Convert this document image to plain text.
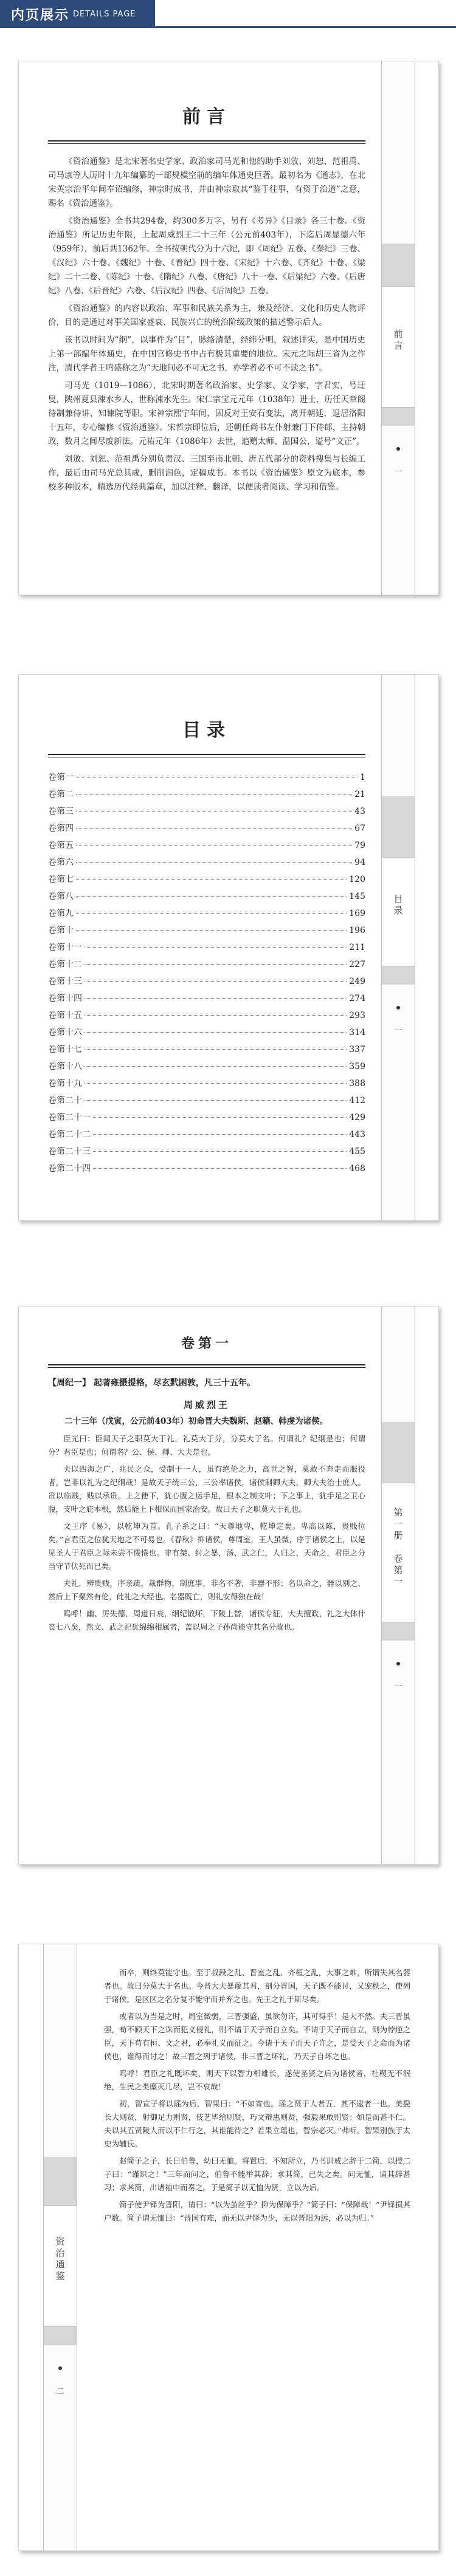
内页展示 DETAILS PAGE
前言
一
前言

《资治通鉴》是北宋著名史学家、政治家司马光和他的助手刘攽、刘恕、范祖禹、司马康等人历时十九年编纂的一部规模空前的编年体通史巨著。最初名为《通志》，在北宋英宗治平年间奉诏编修，神宗时成书，并由神宗取其“鉴于往事，有资于治道”之意，赐名《资治通鉴》。

《资治通鉴》全书共294卷，约300多万字，另有《考异》《目录》各三十卷。《资治通鉴》所记历史年限，上起周威烈王二十三年（公元前403年），下迄后周显德六年（959年），前后共1362年。全书按朝代分为十六纪，即《周纪》五卷、《秦纪》三卷、《汉纪》六十卷、《魏纪》十卷、《晋纪》四十卷、《宋纪》十六卷、《齐纪》十卷、《梁纪》二十二卷、《陈纪》十卷、《隋纪》八卷、《唐纪》八十一卷、《后梁纪》六卷、《后唐纪》八卷、《后晋纪》六卷、《后汉纪》四卷、《后周纪》五卷。

《资治通鉴》的内容以政治、军事和民族关系为主，兼及经济、文化和历史人物评价，目的是通过对事关国家盛衰、民族兴亡的统治阶级政策的描述警示后人。

该书以时间为“纲”，以事件为“目”，脉络清楚，经纬分明，叙述详实，是中国历史上第一部编年体通史，在中国官修史书中占有极其重要的地位。宋元之际胡三省为之作注，清代学者王鸣盛称之为“天地间必不可无之书，亦学者必不可不读之书”。

司马光（1019—1086），北宋时期著名政治家、史学家、文学家，字君实，号迂叟，陕州夏县涑水乡人，世称涑水先生。宋仁宗宝元元年（1038年）进士，历任天章阁待制兼侍讲、知谏院等职。宋神宗熙宁年间，因反对王安石变法，离开朝廷，退居洛阳十五年，专心编修《资治通鉴》。宋哲宗即位后，还朝任尚书左仆射兼门下侍郎，主持朝政，数月之间尽废新法。元祐元年（1086年）去世，追赠太师、温国公，谥号“文正”。

刘攽、刘恕、范祖禹分别负责汉、三国至南北朝、唐五代部分的资料搜集与长编工作，最后由司马光总其成，删削润色，定稿成书。本书以《资治通鉴》原文为底本，参校多种版本，精选历代经典篇章，加以注释、翻译，以便读者阅读、学习和借鉴。

目录
一
目录
卷第一	1
卷第二	21
卷第三	43
卷第四	67
卷第五	79
卷第六	94
卷第七	120
卷第八	145
卷第九	169
卷第十	196
卷第十一	211
卷第十二	227
卷第十三	249
卷第十四	274
卷第十五	293
卷第十六	314
卷第十七	337
卷第十八	359
卷第十九	388
卷第二十	412
卷第二十一	429
卷第二十二	443
卷第二十三	455
卷第二十四	468
第一册　卷第一
一
卷第一
【周纪一】 起著雍摄提格，尽玄黓困敦，凡三十五年。
周威烈王

二十三年（戊寅，公元前403年）初命晋大夫魏斯、赵籍、韩虔为诸侯。

臣光曰：臣闻天子之职莫大于礼，礼莫大于分，分莫大于名。何谓礼？纪纲是也；何谓分？君臣是也；何谓名？公、侯、卿、大夫是也。

夫以四海之广，兆民之众，受制于一人，虽有绝伦之力，高世之智，莫敢不奔走而服役者，岂非以礼为之纪纲哉！是故天子统三公，三公率诸侯，诸侯制卿大夫，卿大夫治士庶人。贵以临贱，贱以承贵。上之使下，犹心腹之运手足，根本之制支叶；下之事上，犹手足之卫心腹，支叶之庇本根，然后能上下相保而国家治安。故曰天子之职莫大于礼也。

文王序《易》，以乾坤为首。孔子系之曰：“天尊地卑，乾坤定矣。卑高以陈，贵贱位矣。”言君臣之位犹天地之不可易也。《春秋》抑诸侯，尊周室，王人虽微，序于诸侯之上，以是见圣人于君臣之际未尝不惓惓也。非有桀、纣之暴，汤、武之仁，人归之，天命之，君臣之分当守节伏死而已矣。

夫礼，辨贵贱，序亲疏，裁群物，制庶事，非名不著，非器不形；名以命之，器以别之，然后上下粲然有伦，此礼之大经也。名器既亡，则礼安得独在哉！

呜呼！幽、厉失德，周道日衰，纲纪散坏，下陵上替，诸侯专征，大夫擅政，礼之大体什丧七八矣，然文、武之祀犹绵绵相属者，盖以周之子孙尚能守其名分故也。

资治通鉴
二

而卒，则终莫能守也。至于叔段之乱、晋室之乱、齐桓之乱，大事之难，所谓失其名器者也。故曰分莫大于名也。今晋大夫暴蔑其君，剖分晋国，天子既不能讨，又宠秩之，使列于诸侯，是区区之名分复不能守而并弃之也。先王之礼于斯尽矣。

或者以为当是之时，周室微弱，三晋强盛，虽欲勿许，其可得乎！是大不然。夫三晋虽强，苟不顾天下之诛而犯义侵礼，则不请于天子而自立矣。不请于天子而自立，则为悖逆之臣，天下苟有桓、文之君，必奉礼义而征之。今请于天子而天子许之，是受天子之命而为诸侯也，谁得而讨之！故三晋之列于诸侯，非三晋之坏礼，乃天子自坏之也。

呜呼！君臣之礼既坏矣，则天下以智力相雄长，遂使圣贤之后为诸侯者，社稷无不泯绝，生民之类糜灭几尽，岂不哀哉！

初，智宣子将以瑶为后，智果曰：“不如宵也。瑶之贤于人者五，其不逮者一也。美鬓长大则贤，射御足力则贤，伎艺毕给则贤，巧文辩惠则贤，强毅果敢则贤；如是而甚不仁。夫以其五贤陵人而以不仁行之，其谁能待之？若果立瑶也，智宗必灭。”弗听。智果别族于太史为辅氏。

赵简子之子，长曰伯鲁，幼曰无恤。将置后，不知所立，乃书训戒之辞于二简，以授二子曰：“谨识之！”三年而问之，伯鲁不能举其辞；求其简，已失之矣。问无恤，诵其辞甚习；求其简，出诸袖中而奏之。于是简子以无恤为贤，立以为后。

简子使尹铎为晋阳，请曰：“以为茧丝乎？抑为保障乎？”简子曰：“保障哉！”尹铎损其户数。简子谓无恤曰：“晋国有难，而无以尹铎为少，无以晋阳为远，必以为归。”
